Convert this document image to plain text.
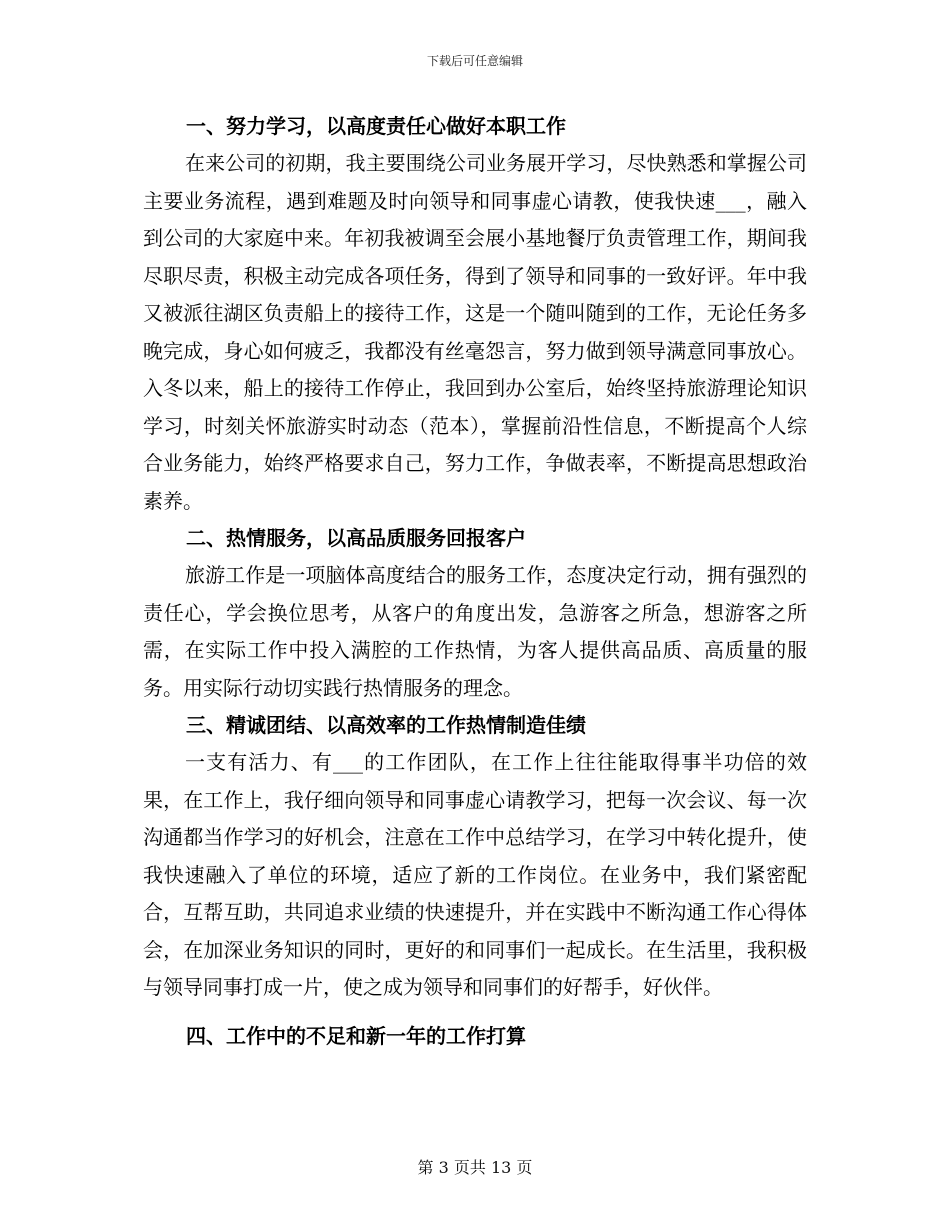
下载后可任意编辑
一、努力学习，以高度责任心做好本职工作

在来公司的初期，我主要围绕公司业务展开学习，尽快熟悉和掌握公司主要业务流程，遇到难题及时向领导和同事虚心请教，使我快速___，融入到公司的大家庭中来。年初我被调至会展小基地餐厅负责管理工作，期间我尽职尽责，积极主动完成各项任务，得到了领导和同事的一致好评。年中我又被派往湖区负责船上的接待工作，这是一个随叫随到的工作，无论任务多晚完成，身心如何疲乏，我都没有丝毫怨言，努力做到领导满意同事放心。入冬以来，船上的接待工作停止，我回到办公室后，始终坚持旅游理论知识学习，时刻关怀旅游实时动态（范本），掌握前沿性信息，不断提高个人综合业务能力，始终严格要求自己，努力工作，争做表率，不断提高思想政治素养。

二、热情服务，以高品质服务回报客户

旅游工作是一项脑体高度结合的服务工作，态度决定行动，拥有强烈的责任心，学会换位思考，从客户的角度出发，急游客之所急，想游客之所需，在实际工作中投入满腔的工作热情，为客人提供高品质、高质量的服务。用实际行动切实践行热情服务的理念。

三、精诚团结、以高效率的工作热情制造佳绩

一支有活力、有___的工作团队，在工作上往往能取得事半功倍的效果，在工作上，我仔细向领导和同事虚心请教学习，把每一次会议、每一次沟通都当作学习的好机会，注意在工作中总结学习，在学习中转化提升，使我快速融入了单位的环境，适应了新的工作岗位。在业务中，我们紧密配合，互帮互助，共同追求业绩的快速提升，并在实践中不断沟通工作心得体会，在加深业务知识的同时，更好的和同事们一起成长。在生活里，我积极与领导同事打成一片，使之成为领导和同事们的好帮手，好伙伴。

四、工作中的不足和新一年的工作打算
第 3 页共 13 页
